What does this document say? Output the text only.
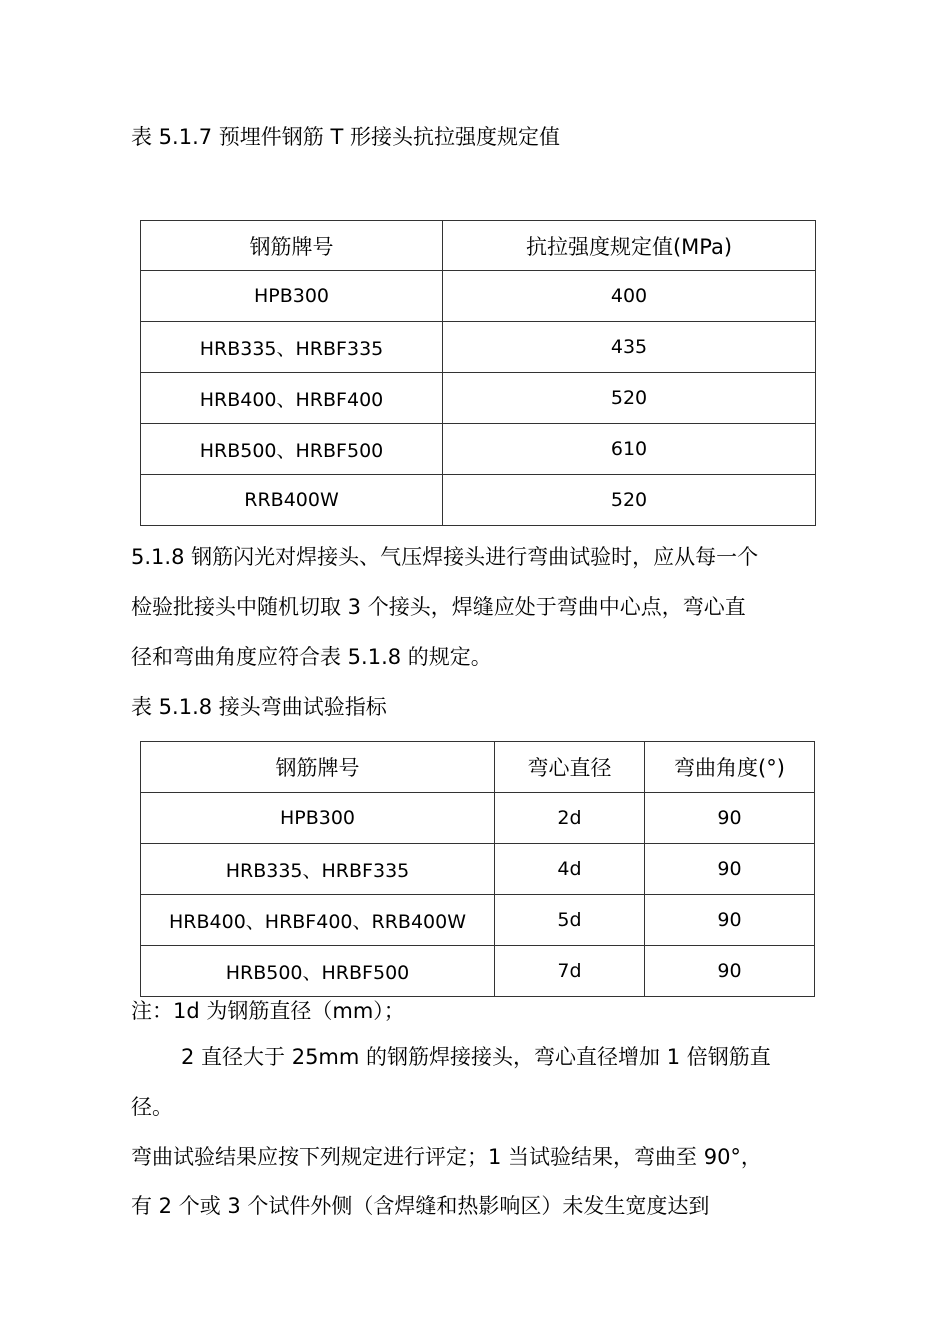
表 5.1.7 预埋件钢筋 T 形接头抗拉强度规定值
钢筋牌号	抗拉强度规定值(MPa)
HPB300	400
HRB335、HRBF335	435
HRB400、HRBF400	520
HRB500、HRBF500	610
RRB400W	520
5.1.8 钢筋闪光对焊接头、气压焊接头进行弯曲试验时，应从每一个
检验批接头中随机切取 3 个接头，焊缝应处于弯曲中心点，弯心直
径和弯曲角度应符合表 5.1.8 的规定。
表 5.1.8 接头弯曲试验指标
钢筋牌号	弯心直径	弯曲角度(°)
HPB300	2d	90
HRB335、HRBF335	4d	90
HRB400、HRBF400、RRB400W	5d	90
HRB500、HRBF500	7d	90
注：1d 为钢筋直径（mm）；
2 直径大于 25mm 的钢筋焊接接头，弯心直径增加 1 倍钢筋直
径。
弯曲试验结果应按下列规定进行评定；1 当试验结果，弯曲至 90°，
有 2 个或 3 个试件外侧（含焊缝和热影响区）未发生宽度达到
